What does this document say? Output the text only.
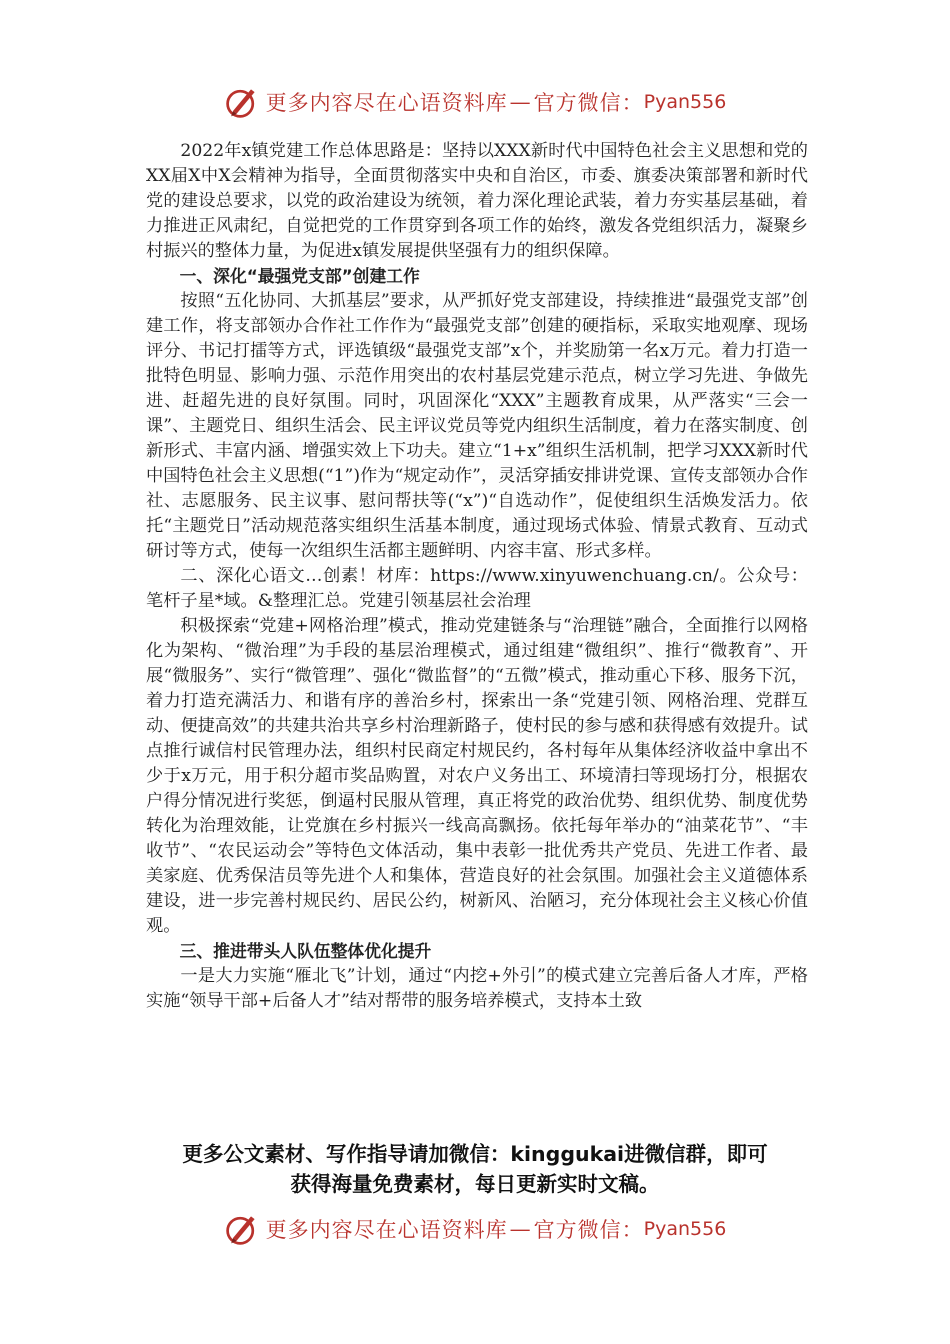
更多内容尽在心语资料库 — 官方微信： Pyan556

2022年x镇党建工作总体思路是：坚持以XXX新时代中国特色社会主义思想和党的XX届X中X会精神为指导，全面贯彻落实中央和自治区，市委、旗委决策部署和新时代党的建设总要求，以党的政治建设为统领，着力深化理论武装，着力夯实基层基础，着力推进正风肃纪，自觉把党的工作贯穿到各项工作的始终，激发各党组织活力，凝聚乡村振兴的整体力量，为促进x镇发展提供坚强有力的组织保障。

一、深化“最强党支部”创建工作

按照“五化协同、大抓基层”要求，从严抓好党支部建设，持续推进“最强党支部”创建工作，将支部领办合作社工作作为“最强党支部”创建的硬指标，采取实地观摩、现场评分、书记打擂等方式，评选镇级“最强党支部”x个，并奖励第一名x万元。着力打造一批特色明显、影响力强、示范作用突出的农村基层党建示范点，树立学习先进、争做先进、赶超先进的良好氛围。同时，巩固深化“XXX”主题教育成果，从严落实“三会一课”、主题党日、组织生活会、民主评议党员等党内组织生活制度，着力在落实制度、创新形式、丰富内涵、增强实效上下功夫。建立“1+x”组织生活机制，把学习XXX新时代中国特色社会主义思想(“1”)作为“规定动作”，灵活穿插安排讲党课、宣传支部领办合作社、志愿服务、民主议事、慰问帮扶等(“x”)“自选动作”，促使组织生活焕发活力。依托“主题党日”活动规范落实组织生活基本制度，通过现场式体验、情景式教育、互动式研讨等方式，使每一次组织生活都主题鲜明、内容丰富、形式多样。

二、深化心语文…创素！材库：https://www.xinyuwenchuang.cn/。公众号：笔杆子星*域。&整理汇总。党建引领基层社会治理

积极探索“党建+网格治理”模式，推动党建链条与“治理链”融合，全面推行以网格化为架构、“微治理”为手段的基层治理模式，通过组建“微组织”、推行“微教育”、开展“微服务”、实行“微管理”、强化“微监督”的“五微”模式，推动重心下移、服务下沉，着力打造充满活力、和谐有序的善治乡村，探索出一条“党建引领、网格治理、党群互动、便捷高效”的共建共治共享乡村治理新路子，使村民的参与感和获得感有效提升。试点推行诚信村民管理办法，组织村民商定村规民约，各村每年从集体经济收益中拿出不少于x万元，用于积分超市奖品购置，对农户义务出工、环境清扫等现场打分，根据农户得分情况进行奖惩，倒逼村民服从管理，真正将党的政治优势、组织优势、制度优势转化为治理效能，让党旗在乡村振兴一线高高飘扬。依托每年举办的“油菜花节”、“丰收节”、“农民运动会”等特色文体活动，集中表彰一批优秀共产党员、先进工作者、最美家庭、优秀保洁员等先进个人和集体，营造良好的社会氛围。加强社会主义道德体系建设，进一步完善村规民约、居民公约，树新风、治陋习，充分体现社会主义核心价值观。

三、推进带头人队伍整体优化提升

一是大力实施“雁北飞”计划，通过“内挖+外引”的模式建立完善后备人才库，严格实施“领导干部+后备人才”结对帮带的服务培养模式，支持本土致

更多公文素材、写作指导请加微信：kinggukai进微信群，即可
获得海量免费素材，每日更新实时文稿。
更多内容尽在心语资料库 — 官方微信： Pyan556
